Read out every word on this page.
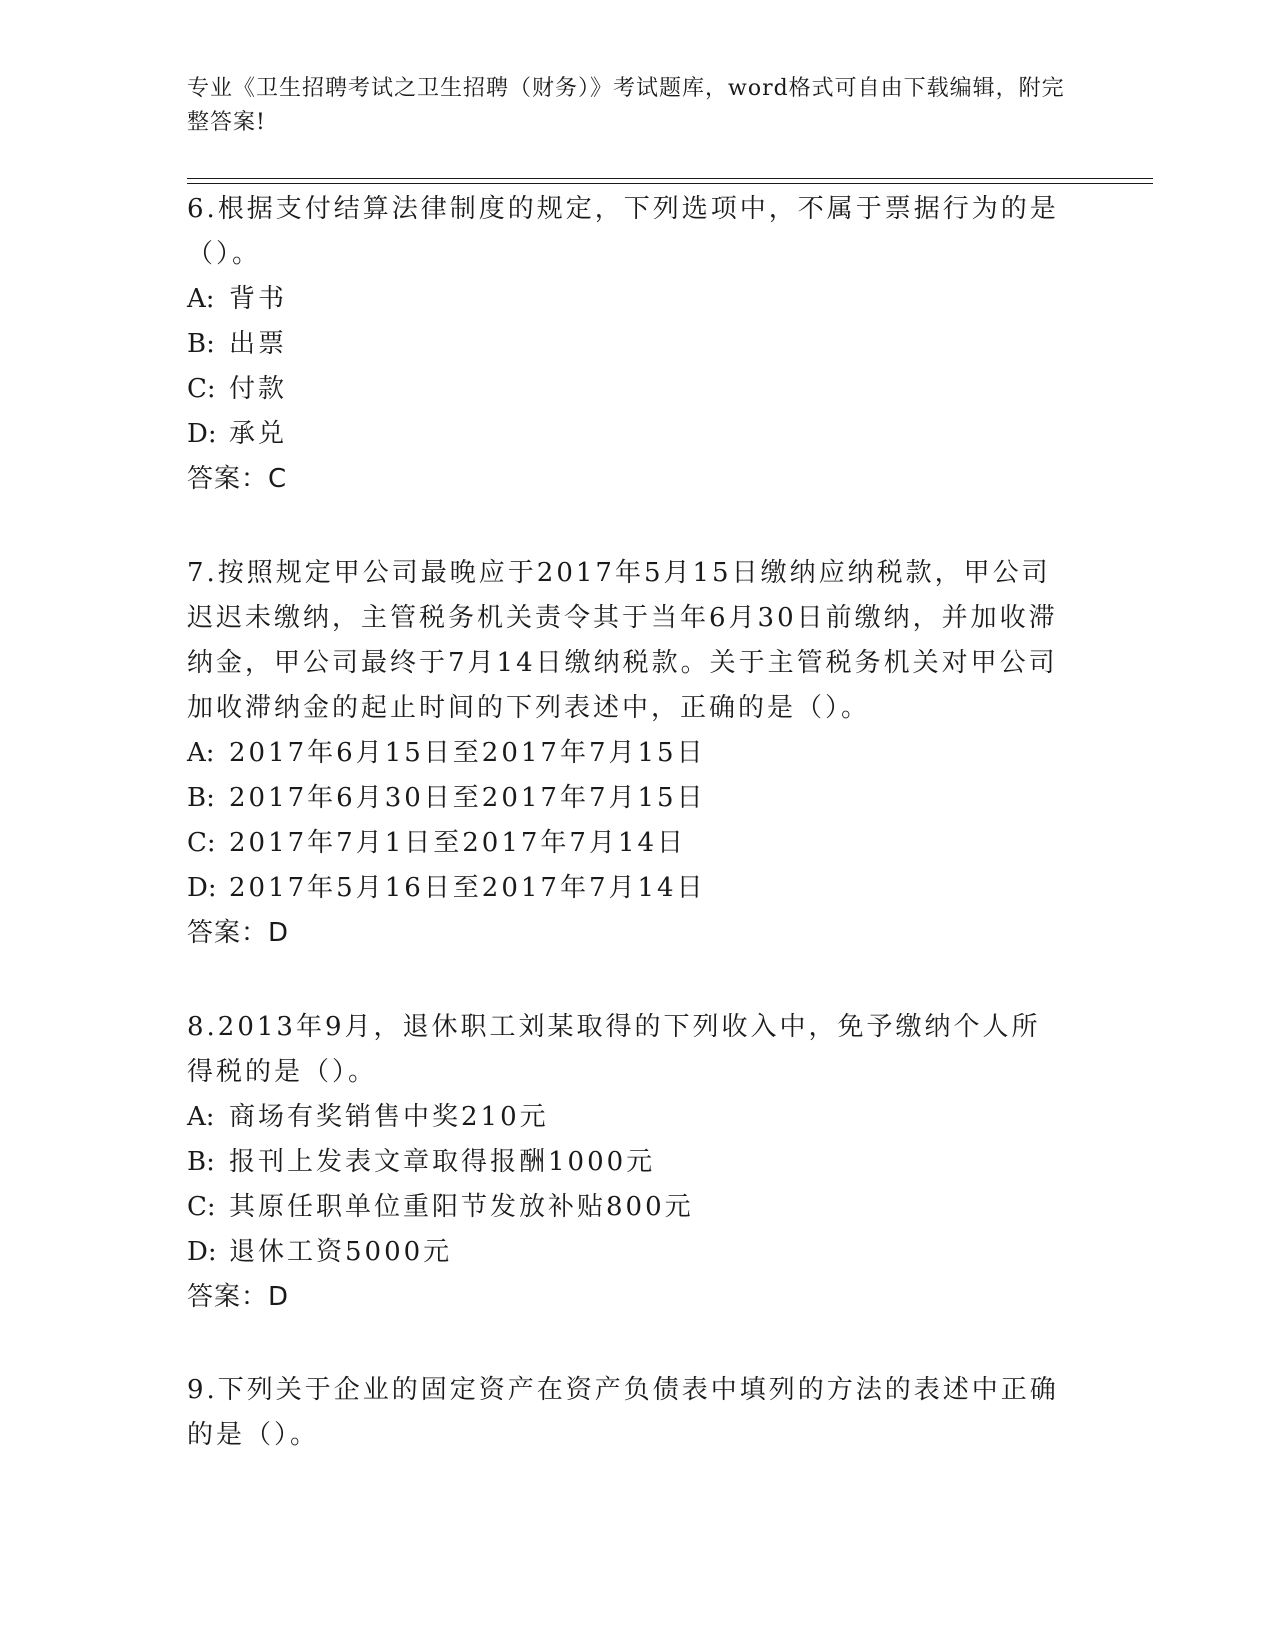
专业《卫生招聘考试之卫生招聘（财务）》考试题库，word格式可自由下载编辑，附完整答案!
6.根据支付结算法律制度的规定，下列选项中，不属于票据行为的是（）。
A: 背书
B: 出票
C: 付款
D: 承兑
答案：C
7.按照规定甲公司最晚应于2017年5月15日缴纳应纳税款，甲公司迟迟未缴纳，主管税务机关责令其于当年6月30日前缴纳，并加收滞纳金，甲公司最终于7月14日缴纳税款。关于主管税务机关对甲公司加收滞纳金的起止时间的下列表述中，正确的是（）。
A: 2017年6月15日至2017年7月15日
B: 2017年6月30日至2017年7月15日
C: 2017年7月1日至2017年7月14日
D: 2017年5月16日至2017年7月14日
答案：D
8.2013年9月，退休职工刘某取得的下列收入中，免予缴纳个人所得税的是（）。
A: 商场有奖销售中奖210元
B: 报刊上发表文章取得报酬1000元
C: 其原任职单位重阳节发放补贴800元
D: 退休工资5000元
答案：D
9.下列关于企业的固定资产在资产负债表中填列的方法的表述中正确的是（）。
